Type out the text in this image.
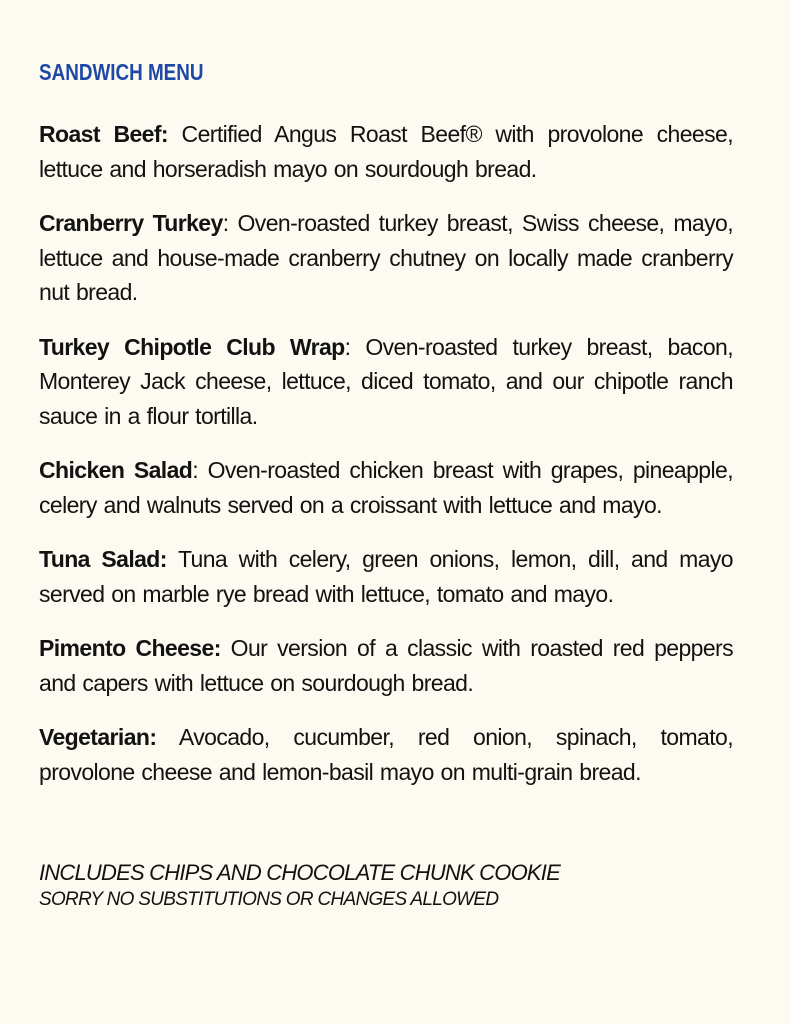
SANDWICH MENU

Roast Beef: Certified Angus Roast Beef® with provolone cheese, lettuce and horseradish mayo on sourdough bread.

Cranberry Turkey: Oven-roasted turkey breast, Swiss cheese, mayo, lettuce and house-made cranberry chutney on locally made cranberry nut bread.

Turkey Chipotle Club Wrap: Oven-roasted turkey breast, bacon, Monterey Jack cheese, lettuce, diced tomato, and our chipotle ranch sauce in a flour tortilla.

Chicken Salad: Oven-roasted chicken breast with grapes, pineapple, celery and walnuts served on a croissant with lettuce and mayo.

Tuna Salad: Tuna with celery, green onions, lemon, dill, and mayo served on marble rye bread with lettuce, tomato and mayo.

Pimento Cheese: Our version of a classic with roasted red peppers and capers with lettuce on sourdough bread.

Vegetarian: Avocado, cucumber, red onion, spinach, tomato, provolone cheese and lemon-basil mayo on multi-grain bread.

INCLUDES CHIPS AND CHOCOLATE CHUNK COOKIE
SORRY NO SUBSTITUTIONS OR CHANGES ALLOWED
